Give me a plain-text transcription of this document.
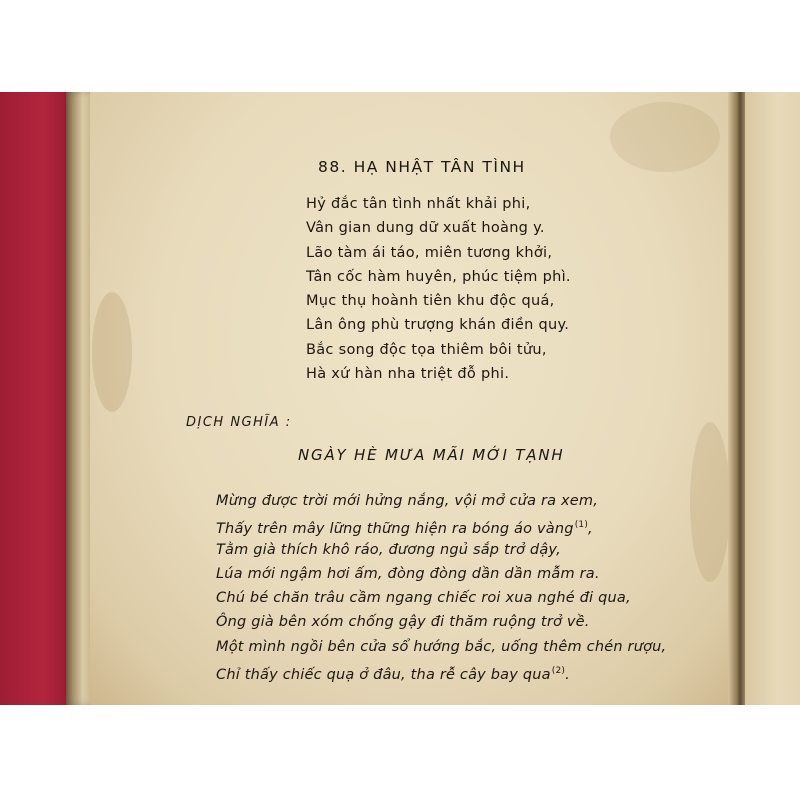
88. HẠ NHẬT TÂN TÌNH
Hỷ đắc tân tình nhất khải phi,
Vân gian dung dữ xuất hoàng y.
Lão tàm ái táo, miên tương khởi,
Tân cốc hàm huyên, phúc tiệm phì.
Mục thụ hoành tiên khu độc quá,
Lân ông phù trượng khán điền quy.
Bắc song độc tọa thiêm bôi tửu,
Hà xứ hàn nha triệt đỗ phi.
DỊCH NGHĨA :
NGÀY HÈ MƯA MÃI MỚI TẠNH
Mừng được trời mới hửng nắng, vội mở cửa ra xem,
Thấy trên mây lững thững hiện ra bóng áo vàng$^{(1)}$,
Tằm già thích khô ráo, đương ngủ sắp trở dậy,
Lúa mới ngậm hơi ấm, đòng đòng dần dần mẫm ra.
Chú bé chăn trâu cầm ngang chiếc roi xua nghé đi qua,
Ông già bên xóm chống gậy đi thăm ruộng trở về.
Một mình ngồi bên cửa sổ hướng bắc, uống thêm chén rượu,
Chỉ thấy chiếc quạ ở đâu, tha rễ cây bay qua$^{(2)}$.
